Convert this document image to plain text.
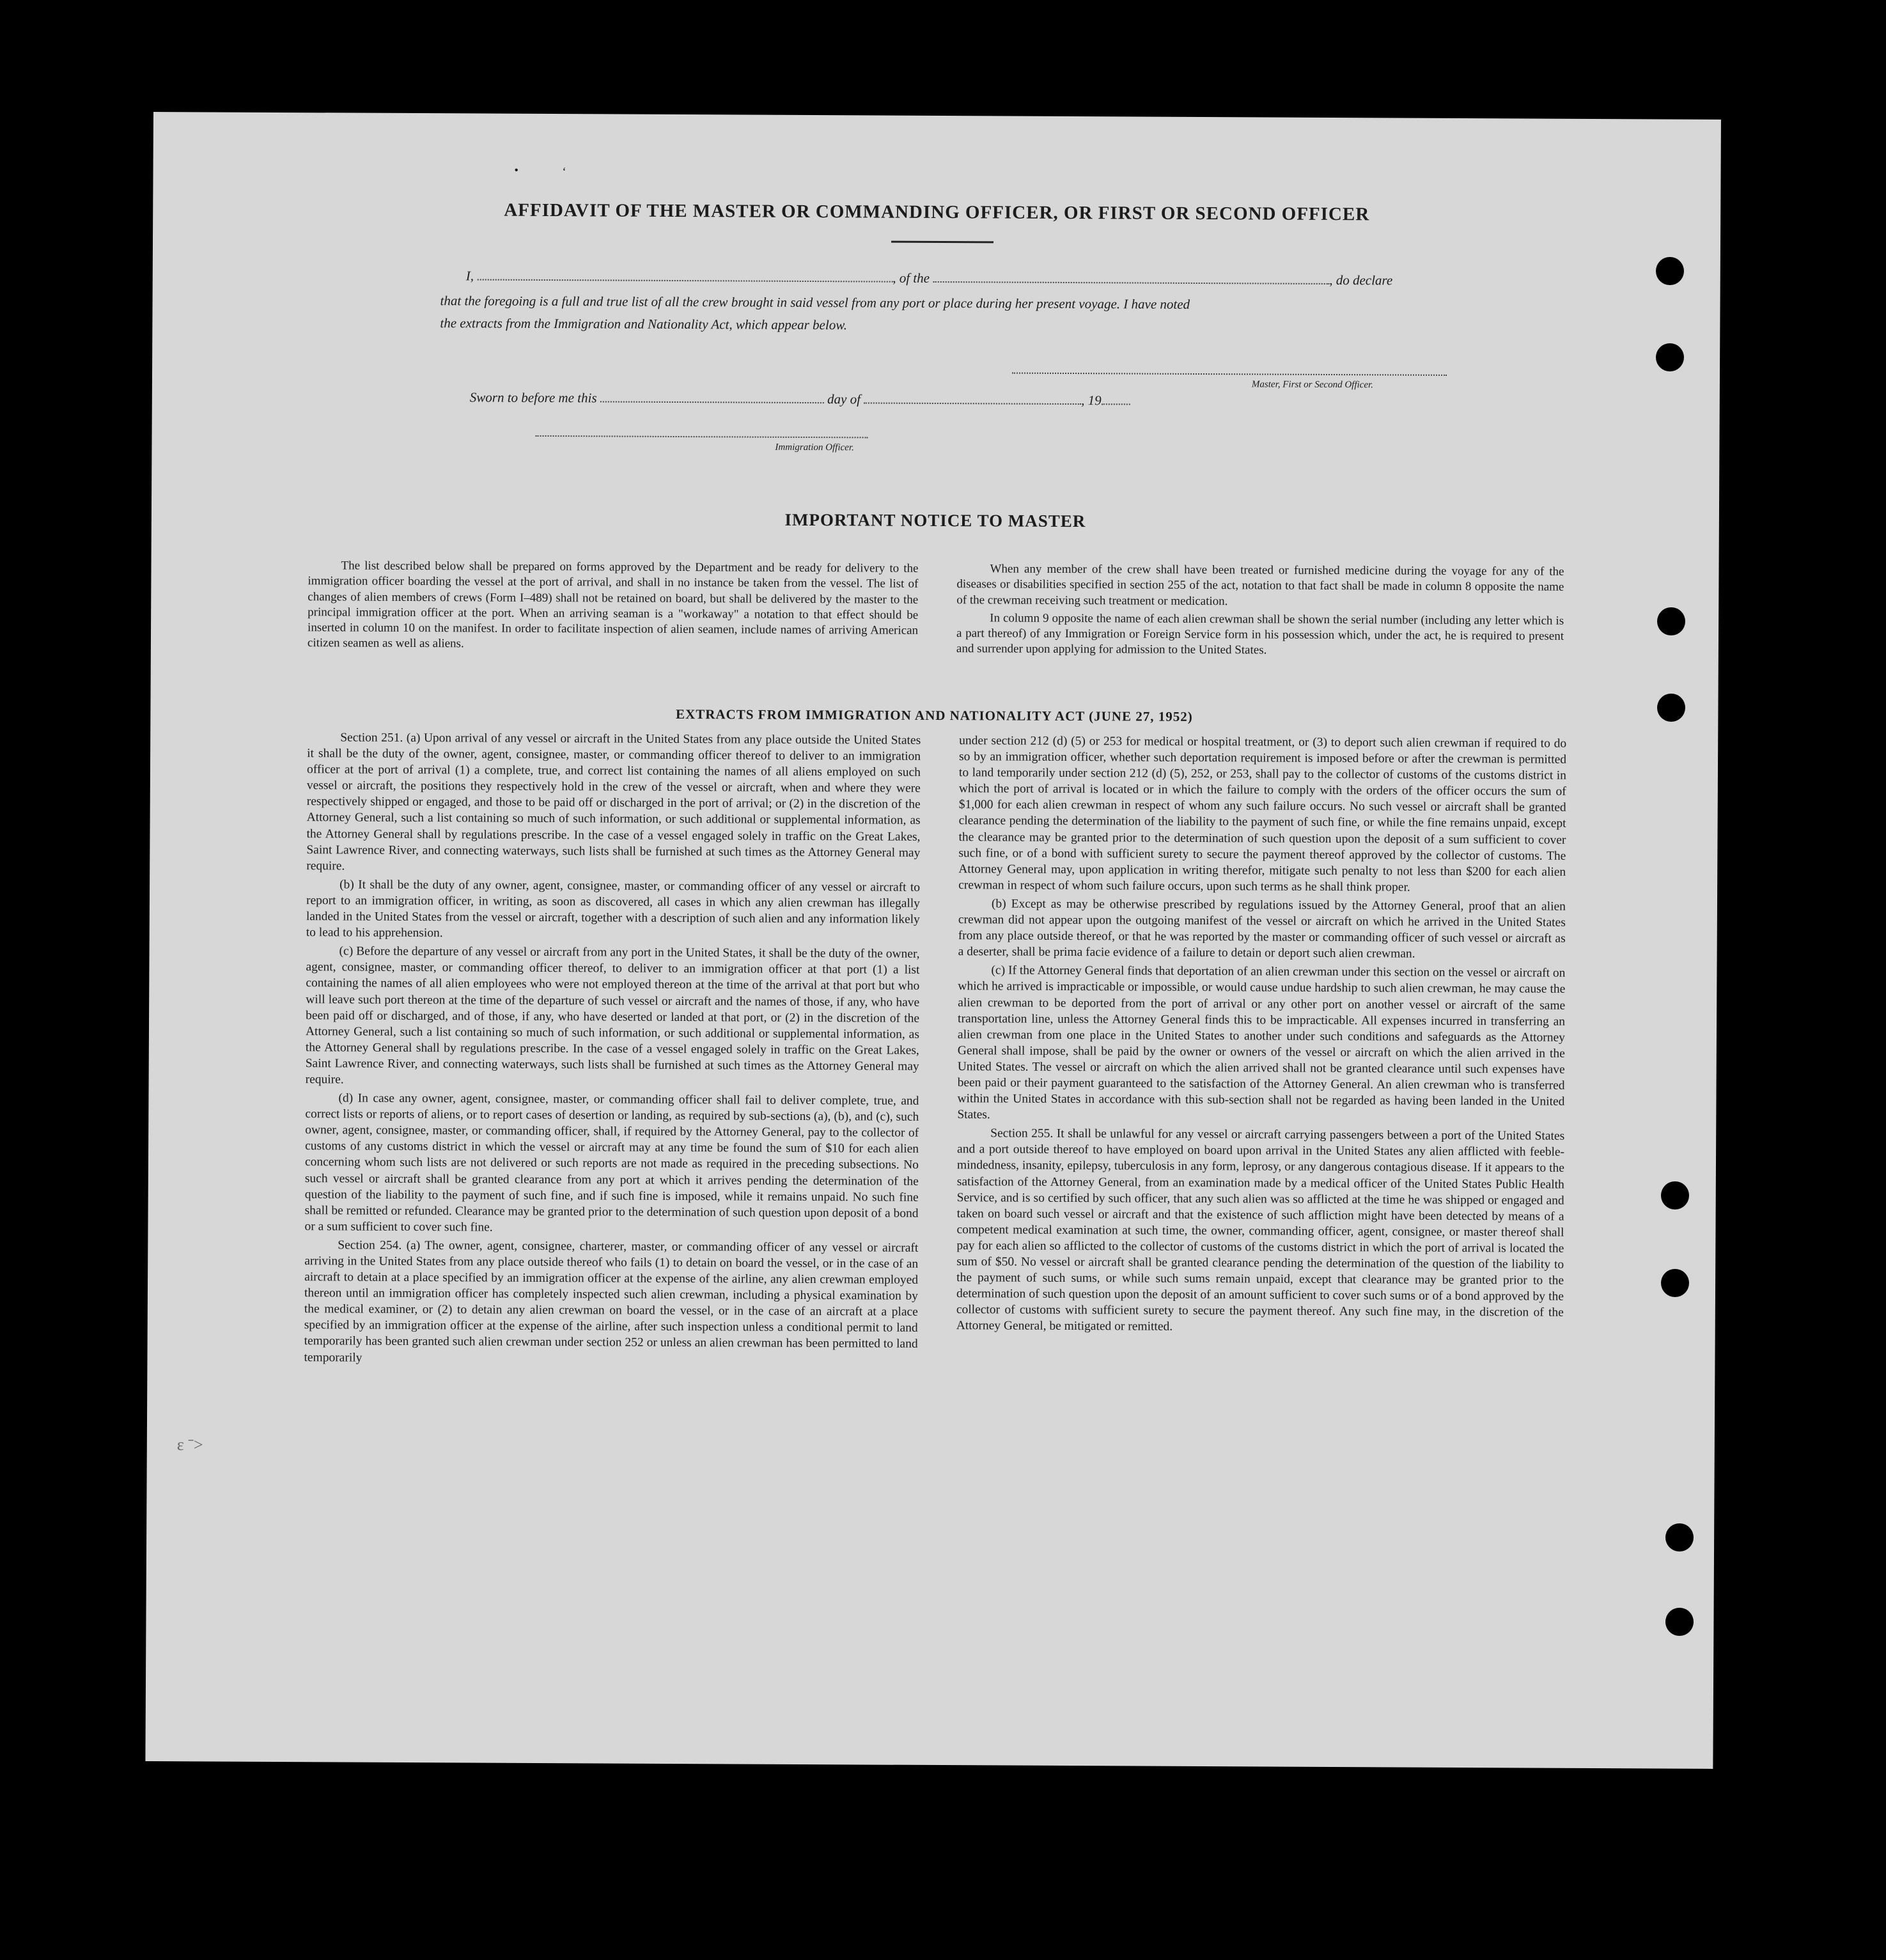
AFFIDAVIT OF THE MASTER OR COMMANDING OFFICER, OR FIRST OR SECOND OFFICER
I,	, of the	, do declare
that the foregoing is a full and true list of all the crew brought in said vessel from any port or place during her present voyage. I have noted
the extracts from the Immigration and Nationality Act, which appear below.
Master, First or Second Officer.
Sworn to before me this	day of	, 19
Immigration Officer.
IMPORTANT NOTICE TO MASTER

The list described below shall be prepared on forms approved by the Department and be ready for delivery to the immigration officer boarding the vessel at the port of arrival, and shall in no instance be taken from the vessel. The list of changes of alien members of crews (Form I–489) shall not be retained on board, but shall be delivered by the master to the principal immigration officer at the port. When an arriving seaman is a "workaway" a notation to that effect should be inserted in column 10 on the manifest. In order to facilitate inspection of alien seamen, include names of arriving American citizen seamen as well as aliens.

When any member of the crew shall have been treated or furnished medicine during the voyage for any of the diseases or disabilities specified in section 255 of the act, notation to that fact shall be made in column 8 opposite the name of the crewman receiving such treatment or medication.

In column 9 opposite the name of each alien crewman shall be shown the serial number (including any letter which is a part thereof) of any Immigration or Foreign Service form in his possession which, under the act, he is required to present and surrender upon applying for admission to the United States.

EXTRACTS FROM IMMIGRATION AND NATIONALITY ACT (JUNE 27, 1952)

Section 251. (a) Upon arrival of any vessel or aircraft in the United States from any place outside the United States it shall be the duty of the owner, agent, consignee, master, or commanding officer thereof to deliver to an immigration officer at the port of arrival (1) a complete, true, and correct list containing the names of all aliens employed on such vessel or aircraft, the positions they respectively hold in the crew of the vessel or aircraft, when and where they were respectively shipped or engaged, and those to be paid off or discharged in the port of arrival; or (2) in the discretion of the Attorney General, such a list containing so much of such information, or such additional or supplemental information, as the Attorney General shall by regulations prescribe. In the case of a vessel engaged solely in traffic on the Great Lakes, Saint Lawrence River, and connecting waterways, such lists shall be furnished at such times as the Attorney General may require.

(b) It shall be the duty of any owner, agent, consignee, master, or commanding officer of any vessel or aircraft to report to an immigration officer, in writing, as soon as discovered, all cases in which any alien crewman has illegally landed in the United States from the vessel or aircraft, together with a description of such alien and any information likely to lead to his apprehension.

(c) Before the departure of any vessel or aircraft from any port in the United States, it shall be the duty of the owner, agent, consignee, master, or commanding officer thereof, to deliver to an immigration officer at that port (1) a list containing the names of all alien employees who were not employed thereon at the time of the arrival at that port but who will leave such port thereon at the time of the departure of such vessel or aircraft and the names of those, if any, who have been paid off or discharged, and of those, if any, who have deserted or landed at that port, or (2) in the discretion of the Attorney General, such a list containing so much of such information, or such additional or supplemental information, as the Attorney General shall by regulations prescribe. In the case of a vessel engaged solely in traffic on the Great Lakes, Saint Lawrence River, and connecting waterways, such lists shall be furnished at such times as the Attorney General may require.

(d) In case any owner, agent, consignee, master, or commanding officer shall fail to deliver complete, true, and correct lists or reports of aliens, or to report cases of desertion or landing, as required by sub-sections (a), (b), and (c), such owner, agent, consignee, master, or commanding officer, shall, if required by the Attorney General, pay to the collector of customs of any customs district in which the vessel or aircraft may at any time be found the sum of $10 for each alien concerning whom such lists are not delivered or such reports are not made as required in the preceding subsections. No such vessel or aircraft shall be granted clearance from any port at which it arrives pending the determination of the question of the liability to the payment of such fine, and if such fine is imposed, while it remains unpaid. No such fine shall be remitted or refunded. Clearance may be granted prior to the determination of such question upon deposit of a bond or a sum sufficient to cover such fine.

Section 254. (a) The owner, agent, consignee, charterer, master, or commanding officer of any vessel or aircraft arriving in the United States from any place outside thereof who fails (1) to detain on board the vessel, or in the case of an aircraft to detain at a place specified by an immigration officer at the expense of the airline, any alien crewman employed thereon until an immigration officer has completely inspected such alien crewman, including a physical examination by the medical examiner, or (2) to detain any alien crewman on board the vessel, or in the case of an aircraft at a place specified by an immigration officer at the expense of the airline, after such inspection unless a conditional permit to land temporarily has been granted such alien crewman under section 252 or unless an alien crewman has been permitted to land temporarily

under section 212 (d) (5) or 253 for medical or hospital treatment, or (3) to deport such alien crewman if required to do so by an immigration officer, whether such deportation requirement is imposed before or after the crewman is permitted to land temporarily under section 212 (d) (5), 252, or 253, shall pay to the collector of customs of the customs district in which the port of arrival is located or in which the failure to comply with the orders of the officer occurs the sum of $1,000 for each alien crewman in respect of whom any such failure occurs. No such vessel or aircraft shall be granted clearance pending the determination of the liability to the payment of such fine, or while the fine remains unpaid, except the clearance may be granted prior to the determination of such question upon the deposit of a sum sufficient to cover such fine, or of a bond with sufficient surety to secure the payment thereof approved by the collector of customs. The Attorney General may, upon application in writing therefor, mitigate such penalty to not less than $200 for each alien crewman in respect of whom such failure occurs, upon such terms as he shall think proper.

(b) Except as may be otherwise prescribed by regulations issued by the Attorney General, proof that an alien crewman did not appear upon the outgoing manifest of the vessel or aircraft on which he arrived in the United States from any place outside thereof, or that he was reported by the master or commanding officer of such vessel or aircraft as a deserter, shall be prima facie evidence of a failure to detain or deport such alien crewman.

(c) If the Attorney General finds that deportation of an alien crewman under this section on the vessel or aircraft on which he arrived is impracticable or impossible, or would cause undue hardship to such alien crewman, he may cause the alien crewman to be deported from the port of arrival or any other port on another vessel or aircraft of the same transportation line, unless the Attorney General finds this to be impracticable. All expenses incurred in transferring an alien crewman from one place in the United States to another under such conditions and safeguards as the Attorney General shall impose, shall be paid by the owner or owners of the vessel or aircraft on which the alien arrived in the United States. The vessel or aircraft on which the alien arrived shall not be granted clearance until such expenses have been paid or their payment guaranteed to the satisfaction of the Attorney General. An alien crewman who is transferred within the United States in accordance with this sub-section shall not be regarded as having been landed in the United States.

Section 255. It shall be unlawful for any vessel or aircraft carrying passengers between a port of the United States and a port outside thereof to have employed on board upon arrival in the United States any alien afflicted with feeble-mindedness, insanity, epilepsy, tuberculosis in any form, leprosy, or any dangerous contagious disease. If it appears to the satisfaction of the Attorney General, from an examination made by a medical officer of the United States Public Health Service, and is so certified by such officer, that any such alien was so afflicted at the time he was shipped or engaged and taken on board such vessel or aircraft and that the existence of such affliction might have been detected by means of a competent medical examination at such time, the owner, commanding officer, agent, consignee, or master thereof shall pay for each alien so afflicted to the collector of customs of the customs district in which the port of arrival is located the sum of $50. No vessel or aircraft shall be granted clearance pending the determination of the question of the liability to the payment of such sums, or while such sums remain unpaid, except that clearance may be granted prior to the determination of such question upon the deposit of an amount sufficient to cover such sums or of a bond approved by the collector of customs with sufficient surety to secure the payment thereof. Any such fine may, in the discretion of the Attorney General, be mitigated or remitted.

ɛ ˉ˃
•	‘
